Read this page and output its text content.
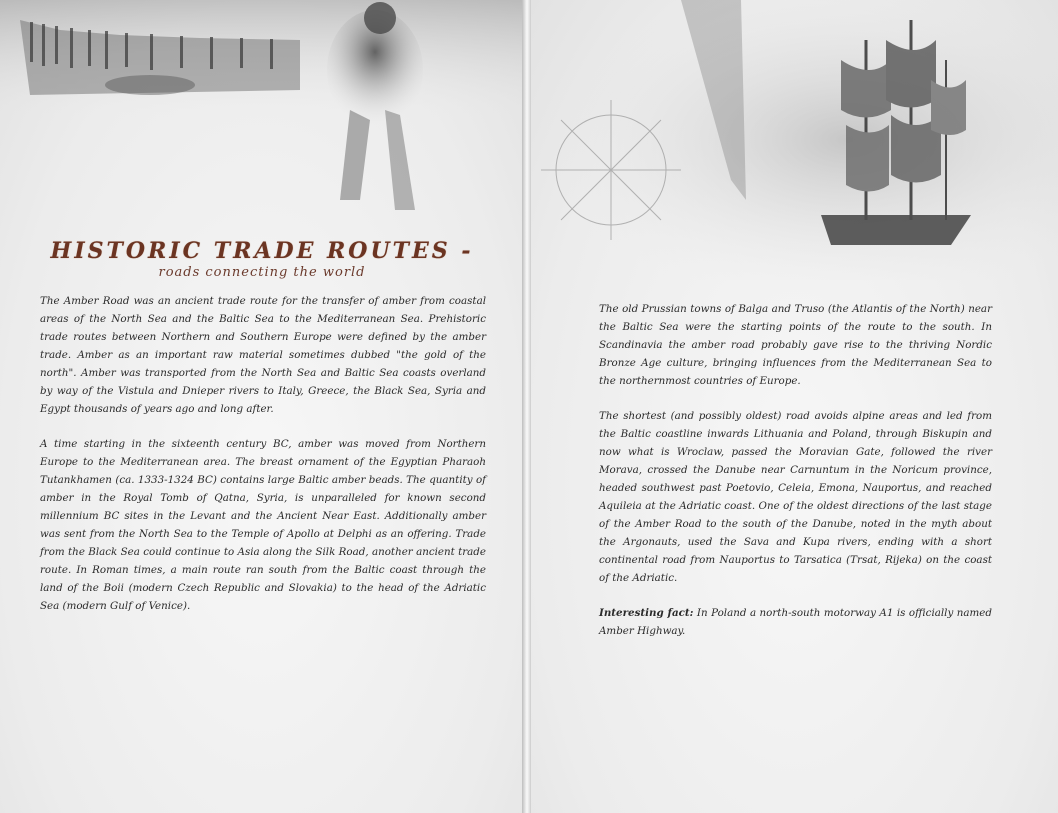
HISTORIC TRADE ROUTES -
roads connecting the world

The Amber Road was an ancient trade route for the transfer of amber from coastal areas of the North Sea and the Baltic Sea to the Mediterranean Sea. Prehistoric trade routes between Northern and Southern Europe were defined by the amber trade. Amber as an important raw material sometimes dubbed "the gold of the north". Amber was transported from the North Sea and Baltic Sea coasts overland by way of the Vistula and Dnieper rivers to Italy, Greece, the Black Sea, Syria and Egypt thousands of years ago and long after.

A time starting in the sixteenth century BC, amber was moved from Northern Europe to the Mediterranean area. The breast ornament of the Egyptian Pharaoh Tutankhamen (ca. 1333-1324 BC) contains large Baltic amber beads. The quantity of amber in the Royal Tomb of Qatna, Syria, is unparalleled for known second millennium BC sites in the Levant and the Ancient Near East. Additionally amber was sent from the North Sea to the Temple of Apollo at Delphi as an offering. Trade from the Black Sea could continue to Asia along the Silk Road, another ancient trade route. In Roman times, a main route ran south from the Baltic coast through the land of the Boii (modern Czech Republic and Slovakia) to the head of the Adriatic Sea (modern Gulf of Venice).

The old Prussian towns of Balga and Truso (the Atlantis of the North) near the Baltic Sea were the starting points of the route to the south. In Scandinavia the amber road probably gave rise to the thriving Nordic Bronze Age culture, bringing influences from the Mediterranean Sea to the northernmost countries of Europe.

The shortest (and possibly oldest) road avoids alpine areas and led from the Baltic coastline inwards Lithuania and Poland, through Biskupin and now what is Wroclaw, passed the Moravian Gate, followed the river Morava, crossed the Danube near Carnuntum in the Noricum province, headed southwest past Poetovio, Celeia, Emona, Nauportus, and reached Aquileia at the Adriatic coast. One of the oldest directions of the last stage of the Amber Road to the south of the Danube, noted in the myth about the Argonauts, used the Sava and Kupa rivers, ending with a short continental road from Nauportus to Tarsatica (Trsat, Rijeka) on the coast of the Adriatic.

Interesting fact: In Poland a north-south motorway A1 is officially named Amber Highway.
